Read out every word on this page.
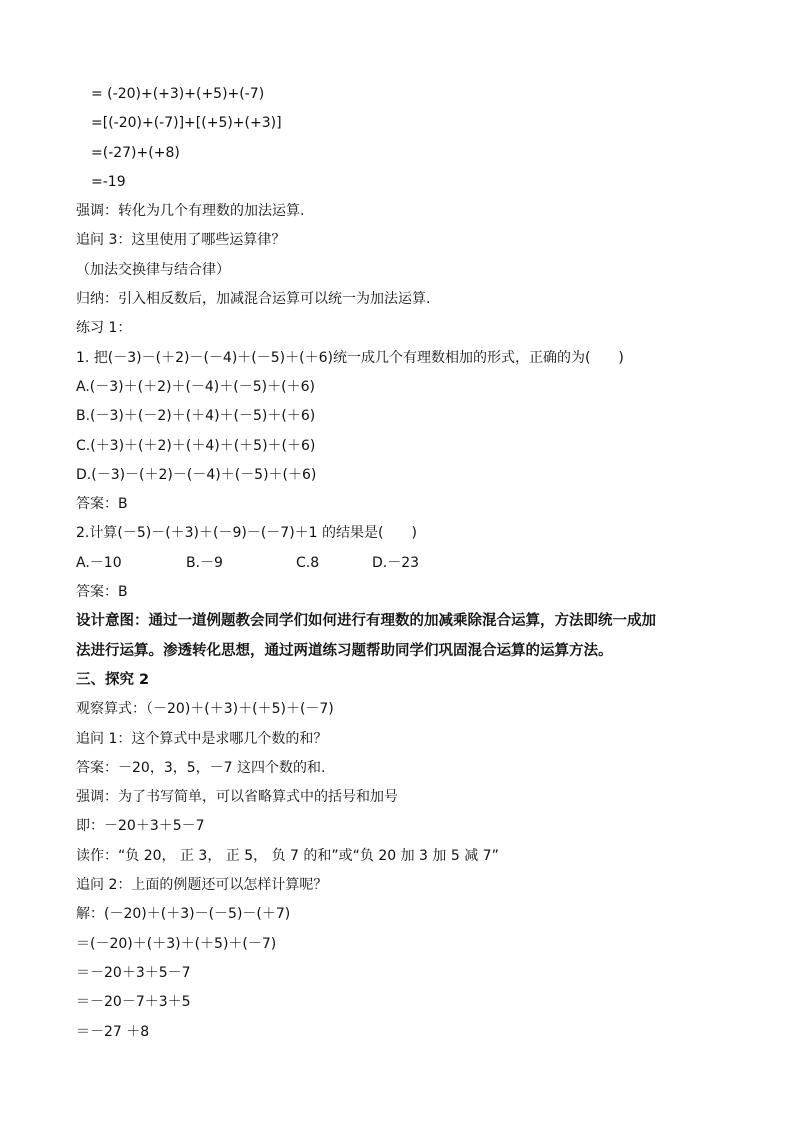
= (-20)+(+3)+(+5)+(-7)
=[(-20)+(-7)]+[(+5)+(+3)]
=(-27)+(+8)
=-19
强调：转化为几个有理数的加法运算.
追问 3：这里使用了哪些运算律？
（加法交换律与结合律）
归纳：引入相反数后，加减混合运算可以统一为加法运算.
练习 1：
1. 把(－3)－(＋2)－(－4)＋(－5)＋(＋6)统一成几个有理数相加的形式，正确的为(　　)
A.(－3)＋(＋2)＋(－4)＋(－5)＋(＋6)
B.(－3)＋(－2)＋(＋4)＋(－5)＋(＋6)
C.(＋3)＋(＋2)＋(＋4)＋(＋5)＋(＋6)
D.(－3)－(＋2)－(－4)＋(－5)＋(＋6)
答案：B
2.计算(－5)－(＋3)＋(－9)－(－7)＋1 的结果是(　　)
A.－10	B.－9	C.8	D.－23
答案：B
设计意图：通过一道例题教会同学们如何进行有理数的加减乘除混合运算，方法即统一成加
法进行运算。渗透转化思想，通过两道练习题帮助同学们巩固混合运算的运算方法。
三、探究 2
观察算式：（－20)＋(＋3)＋(＋5)＋(－7)
追问 1：这个算式中是求哪几个数的和？
答案：－20，3，5，－7 这四个数的和.
强调：为了书写简单，可以省略算式中的括号和加号
即：－20＋3＋5－7
读作：“负 20， 正 3， 正 5， 负 7 的和”或“负 20 加 3 加 5 减 7”
追问 2：上面的例题还可以怎样计算呢？
解：(－20)＋(＋3)－(－5)－(＋7)
＝(－20)＋(＋3)＋(＋5)＋(－7)
＝－20＋3＋5－7
＝－20－7＋3＋5
＝－27 ＋8
